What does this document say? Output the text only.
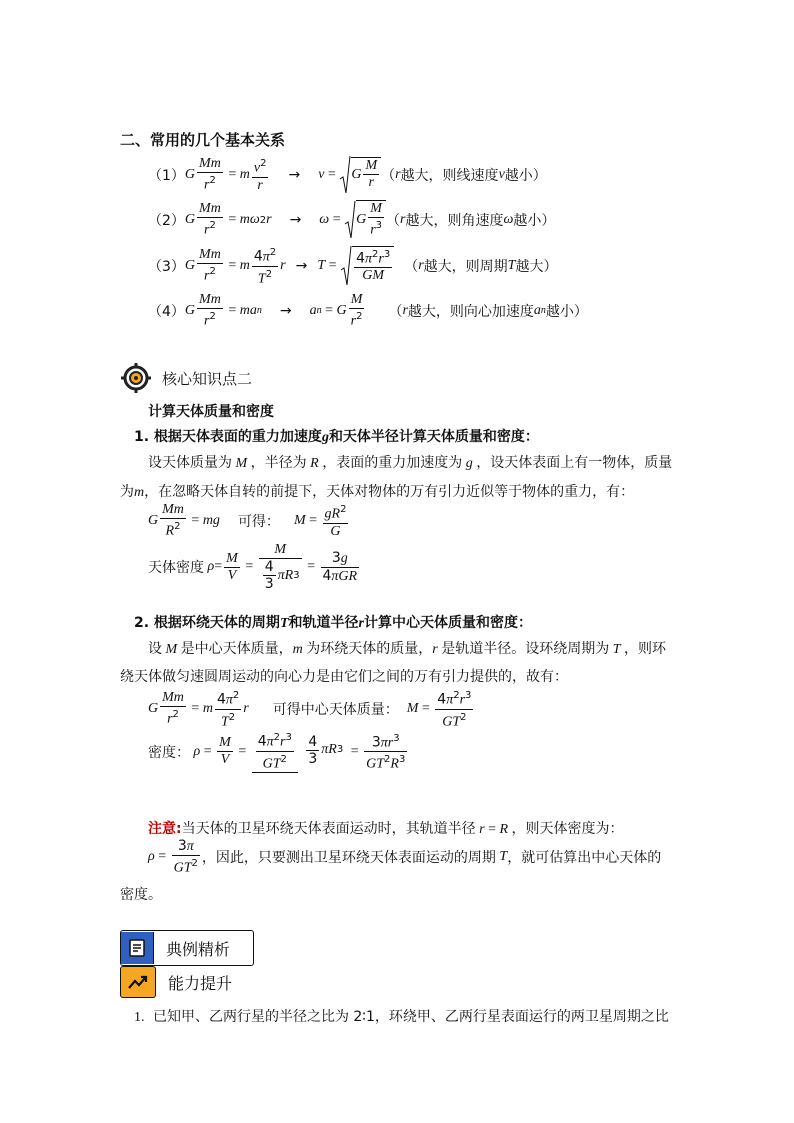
二、常用的几个基本关系
（1） G $\frac{Mm}{r^2} = m \frac{v^2}{r} \to v = G \frac{M}{r}$ （ r 越大，则线速度 v 越小）
（2） G $\frac{Mm}{r^2} = m\omega$ 2 r → ω = G $\frac{M}{r^3}$ （ r 越大，则角速度 ω 越小）
（3） G $\frac{Mm}{r^2} = m \frac{4\pi^2}{T^2}$ $r \to T = \frac{4\pi^2r^3}{GM}$ （ r 越大，则周期 T 越大）
（4） G $\frac{Mm}{r^2}$ = ma n → a n = G $\frac{M}{r^2}$ （ r 越大，则向心加速度 a n 越小）
核心知识点二
计算天体质量和密度
1. 根据天体表面的重力加速度g和天体半径计算天体质量和密度：
设天体质量为 M ，半径为 R ，表面的重力加速度为 g ，设天体表面上有一物体，质量
为m，在忽略天体自转的前提下，天体对物体的万有引力近似等于物体的重力，有：
G $\frac{Mm}{R^2}$ = mg 可得： $M = \frac{gR^2}{G}$
天体密度 $\rho = \frac{M}{V} = \frac{M}{\frac{4}{3} \pi R 3} = \frac{3g}{\text{4πGR}}$
2. 根据环绕天体的周期T和轨道半径r计算中心天体质量和密度：
设 M 是中心天体质量，m 为环绕天体的质量，r 是轨道半径。设环绕周期为 T ，则环
绕天体做匀速圆周运动的向心力是由它们之间的万有引力提供的，故有：
G $\frac{Mm}{r^2} = m \frac{4\pi^2}{T^2}$ r 可得中心天体质量： $M = \frac{4\pi^2r^3}{GT^2}$
密度： $\rho = \frac{M}{V} = \frac{4\pi^2r^3}{GT^2}$
$\frac{4}{3}$ πR $3 = \frac{3\pi r^3}{GT^2R^3}$
注意:当天体的卫星环绕天体表面运动时，其轨道半径 r = R ，则天体密度为：
$\rho = \frac{3\pi}{GT^2}$ ，因此，只要测出卫星环绕天体表面运动的周期 T ，就可估算出中心天体的
密度。
典例精析
能力提升
1. 已知甲、乙两行星的半径之比为 2∶1，环绕甲、乙两行星表面运行的两卫星周期之比
